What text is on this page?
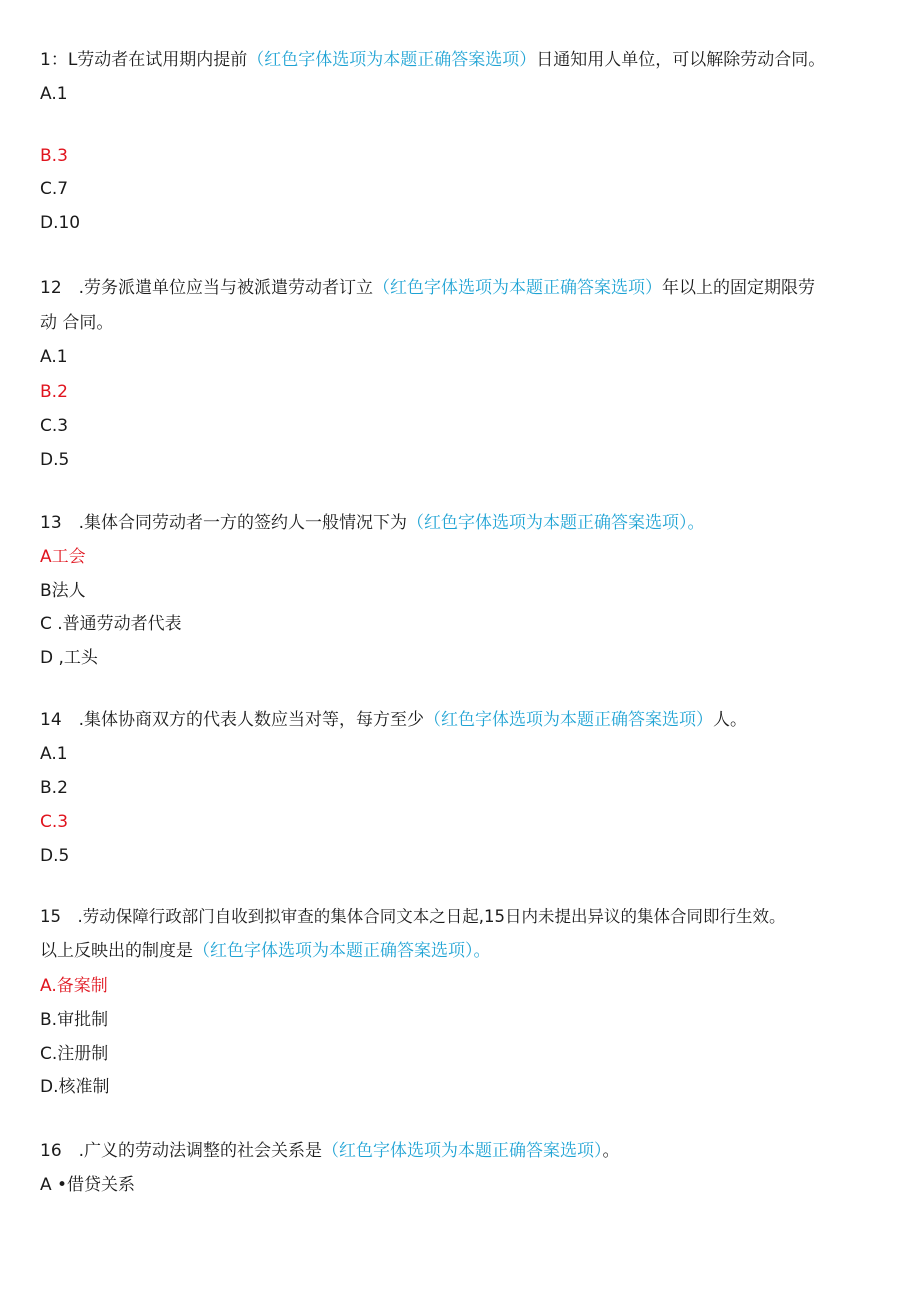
1：L劳动者在试用期内提前（红色字体选项为本题正确答案选项）日通知用人单位，可以解除劳动合同。
A.1
B.3
C.7
D.10
12　.劳务派遣单位应当与被派遣劳动者订立（红色字体选项为本题正确答案选项）年以上的固定期限劳
动 合同。
A.1
B.2
C.3
D.5
13　.集体合同劳动者一方的签约人一般情况下为（红色字体选项为本题正确答案选项）。
A工会
B法人
C .普通劳动者代表
D ,工头
14　.集体协商双方的代表人数应当对等，每方至少（红色字体选项为本题正确答案选项）人。
A.1
B.2
C.3
D.5
15　.劳动保障行政部门自收到拟审查的集体合同文本之日起,15日内未提出异议的集体合同即行生效。
以上反映出的制度是（红色字体选项为本题正确答案选项）。
A.备案制
B.审批制
C.注册制
D.核准制
16　.广义的劳动法调整的社会关系是（红色字体选项为本题正确答案选项）。
A •借贷关系
